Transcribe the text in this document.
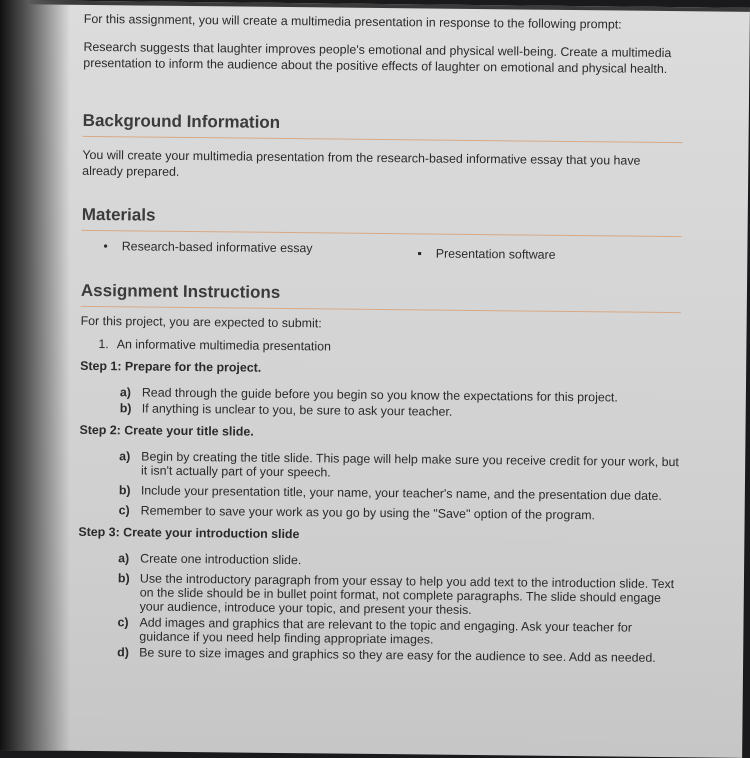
For this assignment, you will create a multimedia presentation in response to the following prompt:

Research suggests that laughter improves people's emotional and physical well-being. Create a multimedia presentation to inform the audience about the positive effects of laughter on emotional and physical health.

Background Information

You will create your multimedia presentation from the research-based informative essay that you have already prepared.

Materials
• Research-based informative essay	▪ Presentation software
Assignment Instructions

For this project, you are expected to submit:

1. An informative multimedia presentation
Step 1: Prepare for the project.
a) Read through the guide before you begin so you know the expectations for this project.
b) If anything is unclear to you, be sure to ask your teacher.
Step 2: Create your title slide.
a) Begin by creating the title slide. This page will help make sure you receive credit for your work, but it isn't actually part of your speech.
b) Include your presentation title, your name, your teacher's name, and the presentation due date.
c) Remember to save your work as you go by using the "Save" option of the program.
Step 3: Create your introduction slide
a) Create one introduction slide.
b) Use the introductory paragraph from your essay to help you add text to the introduction slide. Text on the slide should be in bullet point format, not complete paragraphs. The slide should engage your audience, introduce your topic, and present your thesis.
c) Add images and graphics that are relevant to the topic and engaging. Ask your teacher for guidance if you need help finding appropriate images.
d) Be sure to size images and graphics so they are easy for the audience to see. Add as needed.
